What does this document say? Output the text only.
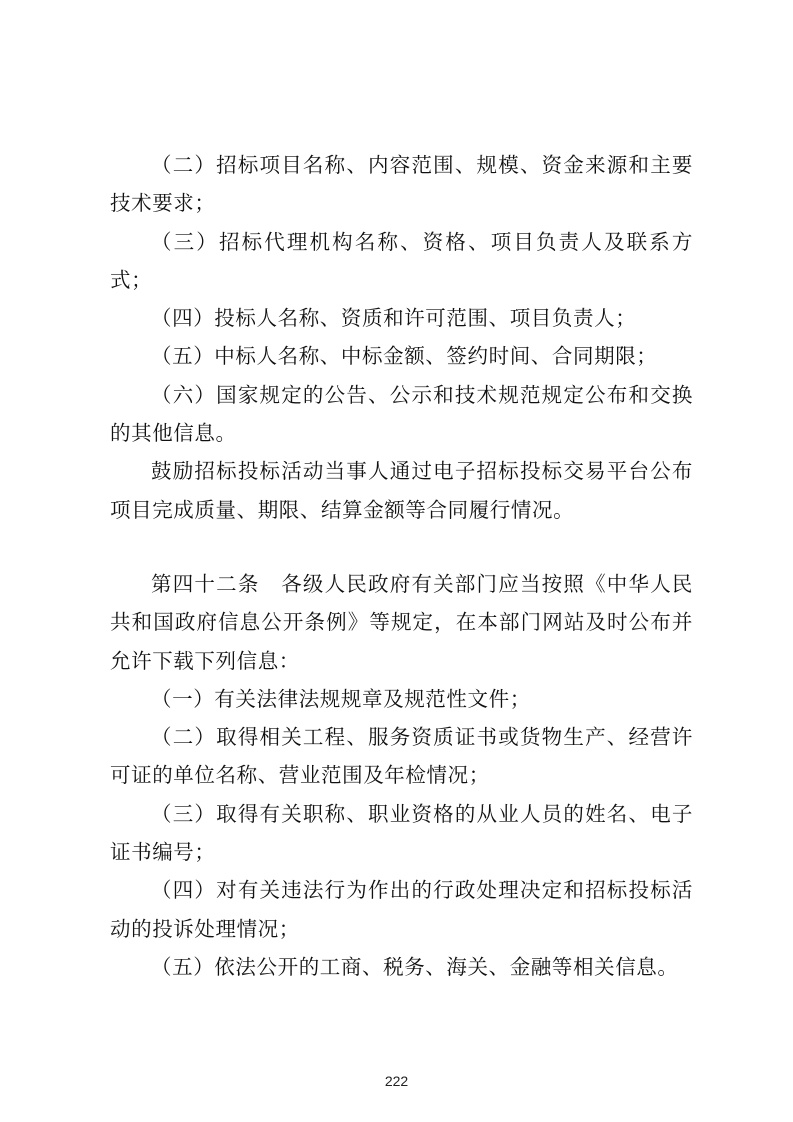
（二）招标项目名称、内容范围、规模、资金来源和主要技术要求；

（三）招标代理机构名称、资格、项目负责人及联系方式；

（四）投标人名称、资质和许可范围、项目负责人；

（五）中标人名称、中标金额、签约时间、合同期限；

（六）国家规定的公告、公示和技术规范规定公布和交换的其他信息。

鼓励招标投标活动当事人通过电子招标投标交易平台公布项目完成质量、期限、结算金额等合同履行情况。

第四十二条　各级人民政府有关部门应当按照《中华人民共和国政府信息公开条例》等规定，在本部门网站及时公布并允许下载下列信息：

（一）有关法律法规规章及规范性文件；

（二）取得相关工程、服务资质证书或货物生产、经营许可证的单位名称、营业范围及年检情况；

（三）取得有关职称、职业资格的从业人员的姓名、电子证书编号；

（四）对有关违法行为作出的行政处理决定和招标投标活动的投诉处理情况；

（五）依法公开的工商、税务、海关、金融等相关信息。

222
